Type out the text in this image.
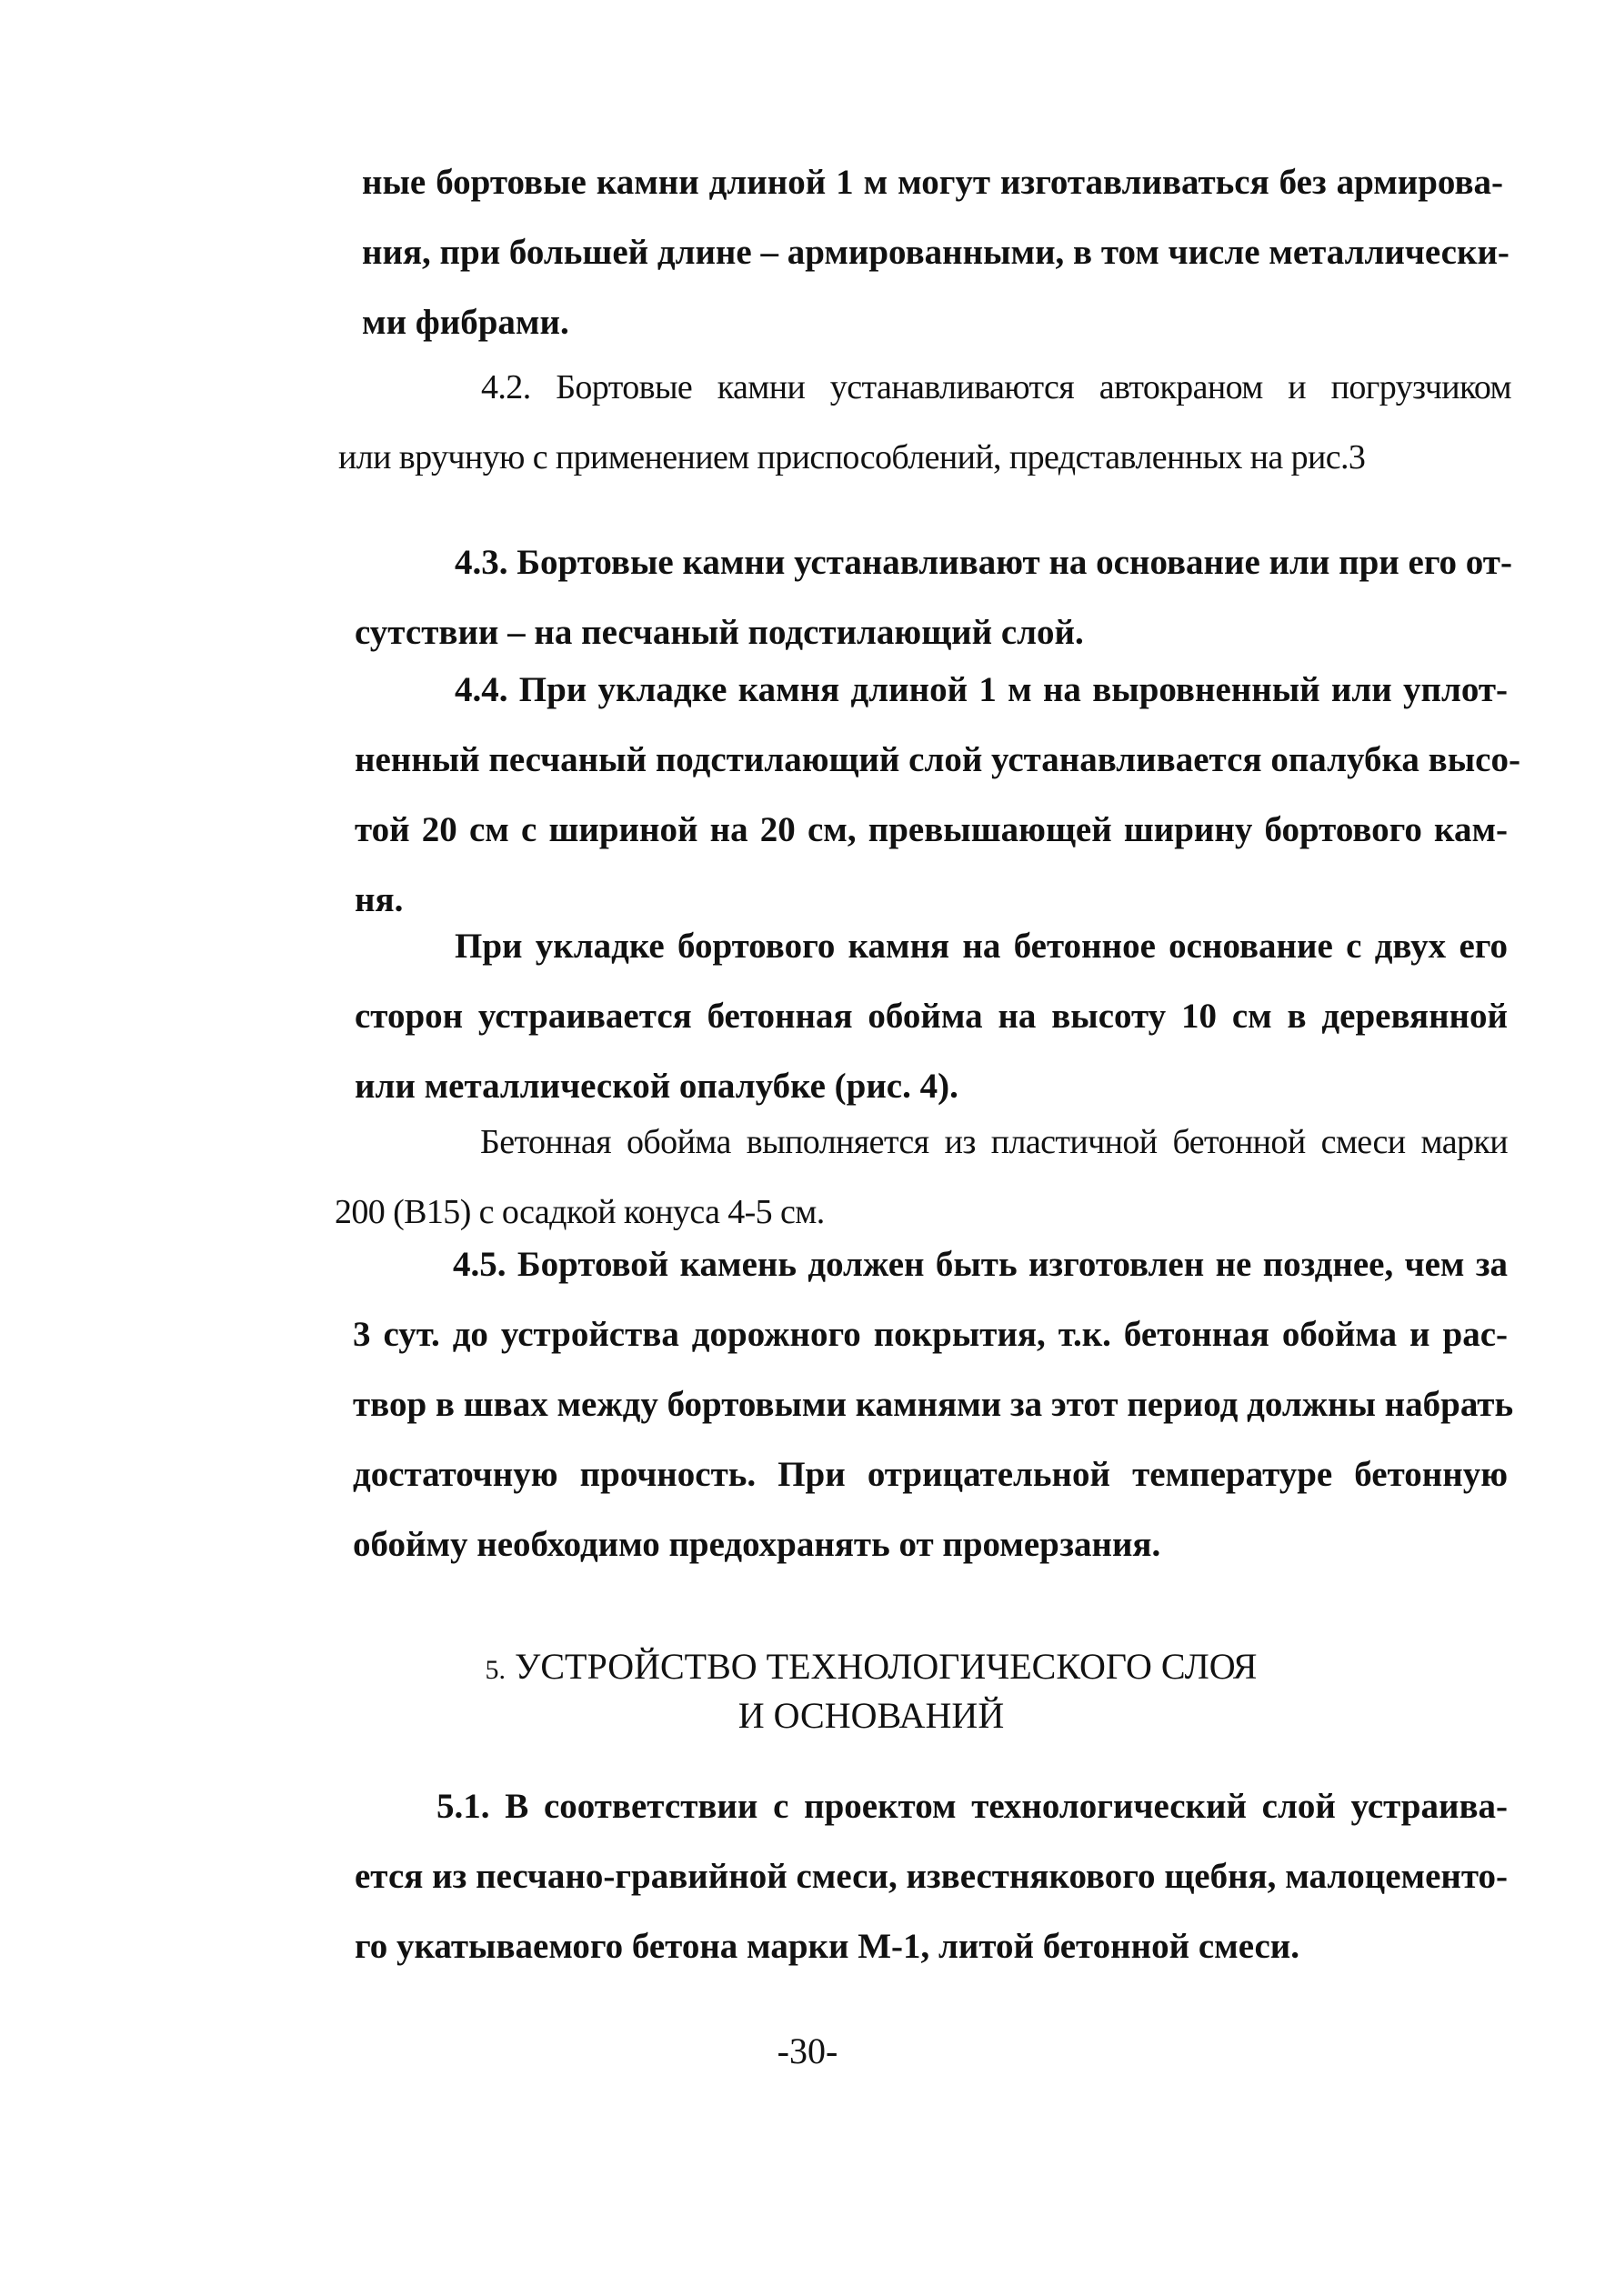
ные бортовые камни длиной 1 м могут изготавливаться без армирова-
ния, при большей длине – армированными, в том числе металлически-
ми фибрами.
4.2. Бортовые камни устанавливаются автокраном и погрузчиком
или вручную с применением приспособлений, представленных на рис.3
4.3. Бортовые камни устанавливают на основание или при его от-
сутствии – на песчаный подстилающий слой.
4.4. При укладке камня длиной 1 м на выровненный или уплот-
ненный песчаный подстилающий слой устанавливается опалубка высо-
той 20 см с шириной на 20 см, превышающей ширину бортового кам-
ня.
При укладке бортового камня на бетонное основание с двух его
сторон устраивается бетонная обойма на высоту 10 см в деревянной
или металлической опалубке (рис. 4).
Бетонная обойма выполняется из пластичной бетонной смеси марки
200 (В15) с осадкой конуса 4-5 см.
4.5. Бортовой камень должен быть изготовлен не позднее, чем за
3 сут. до устройства дорожного покрытия, т.к. бетонная обойма и рас-
твор в швах между бортовыми камнями за этот период должны набрать
достаточную прочность. При отрицательной температуре бетонную
обойму необходимо предохранять от промерзания.
5. УСТРОЙСТВО ТЕХНОЛОГИЧЕСКОГО СЛОЯ
И ОСНОВАНИЙ
5.1. В соответствии с проектом технологический слой устраива-
ется из песчано-гравийной смеси, известнякового щебня, малоцементо-
го укатываемого бетона марки М-1, литой бетонной смеси.
-30-
